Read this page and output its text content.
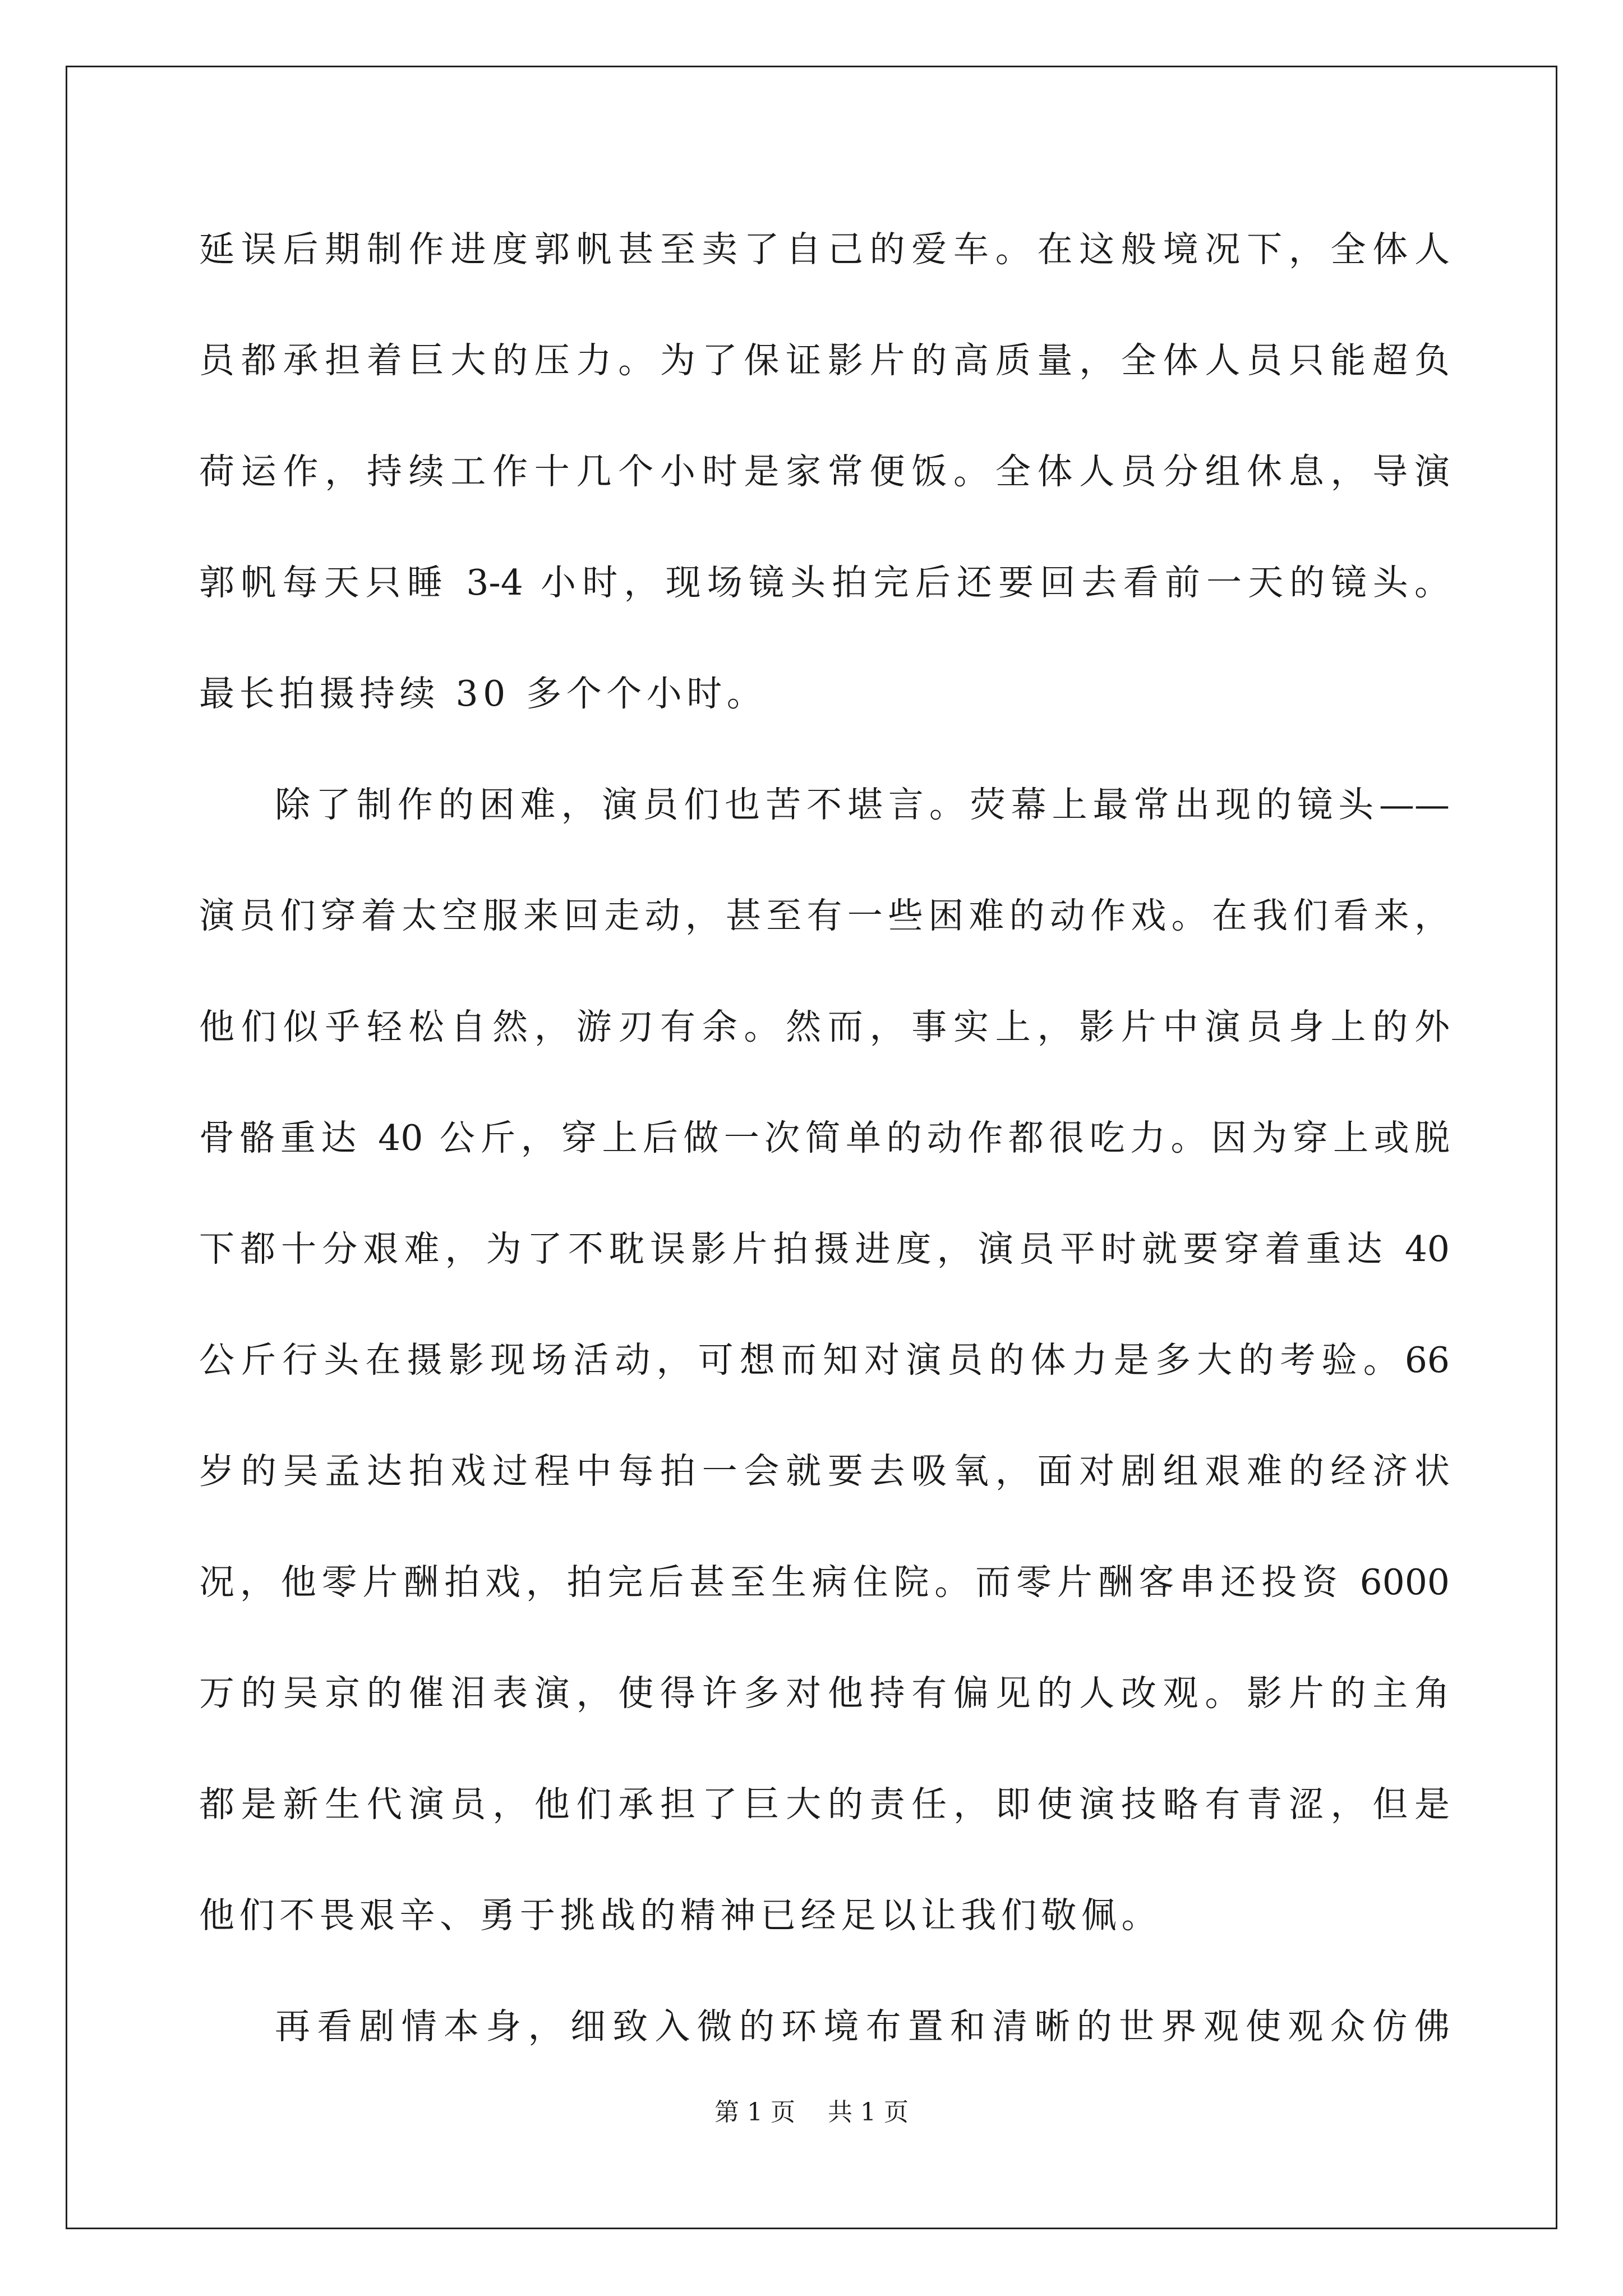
延误后期制作进度郭帆甚至卖了自己的爱车。在这般境况下，全体人
员都承担着巨大的压力。为了保证影片的高质量，全体人员只能超负
荷运作，持续工作十几个小时是家常便饭。全体人员分组休息，导演
郭帆每天只睡 3-4 小时，现场镜头拍完后还要回去看前一天的镜头。
最长拍摄持续 30 多个个小时。
除了制作的困难，演员们也苦不堪言。荧幕上最常出现的镜头——
演员们穿着太空服来回走动，甚至有一些困难的动作戏。在我们看来，
他们似乎轻松自然，游刃有余。然而，事实上，影片中演员身上的外
骨骼重达 40 公斤，穿上后做一次简单的动作都很吃力。因为穿上或脱
下都十分艰难，为了不耽误影片拍摄进度，演员平时就要穿着重达 40
公斤行头在摄影现场活动，可想而知对演员的体力是多大的考验。66
岁的吴孟达拍戏过程中每拍一会就要去吸氧，面对剧组艰难的经济状
况，他零片酬拍戏，拍完后甚至生病住院。而零片酬客串还投资 6000
万的吴京的催泪表演，使得许多对他持有偏见的人改观。影片的主角
都是新生代演员，他们承担了巨大的责任，即使演技略有青涩，但是
他们不畏艰辛、勇于挑战的精神已经足以让我们敬佩。
再看剧情本身，细致入微的环境布置和清晰的世界观使观众仿佛
第 1 页　 共 1 页
